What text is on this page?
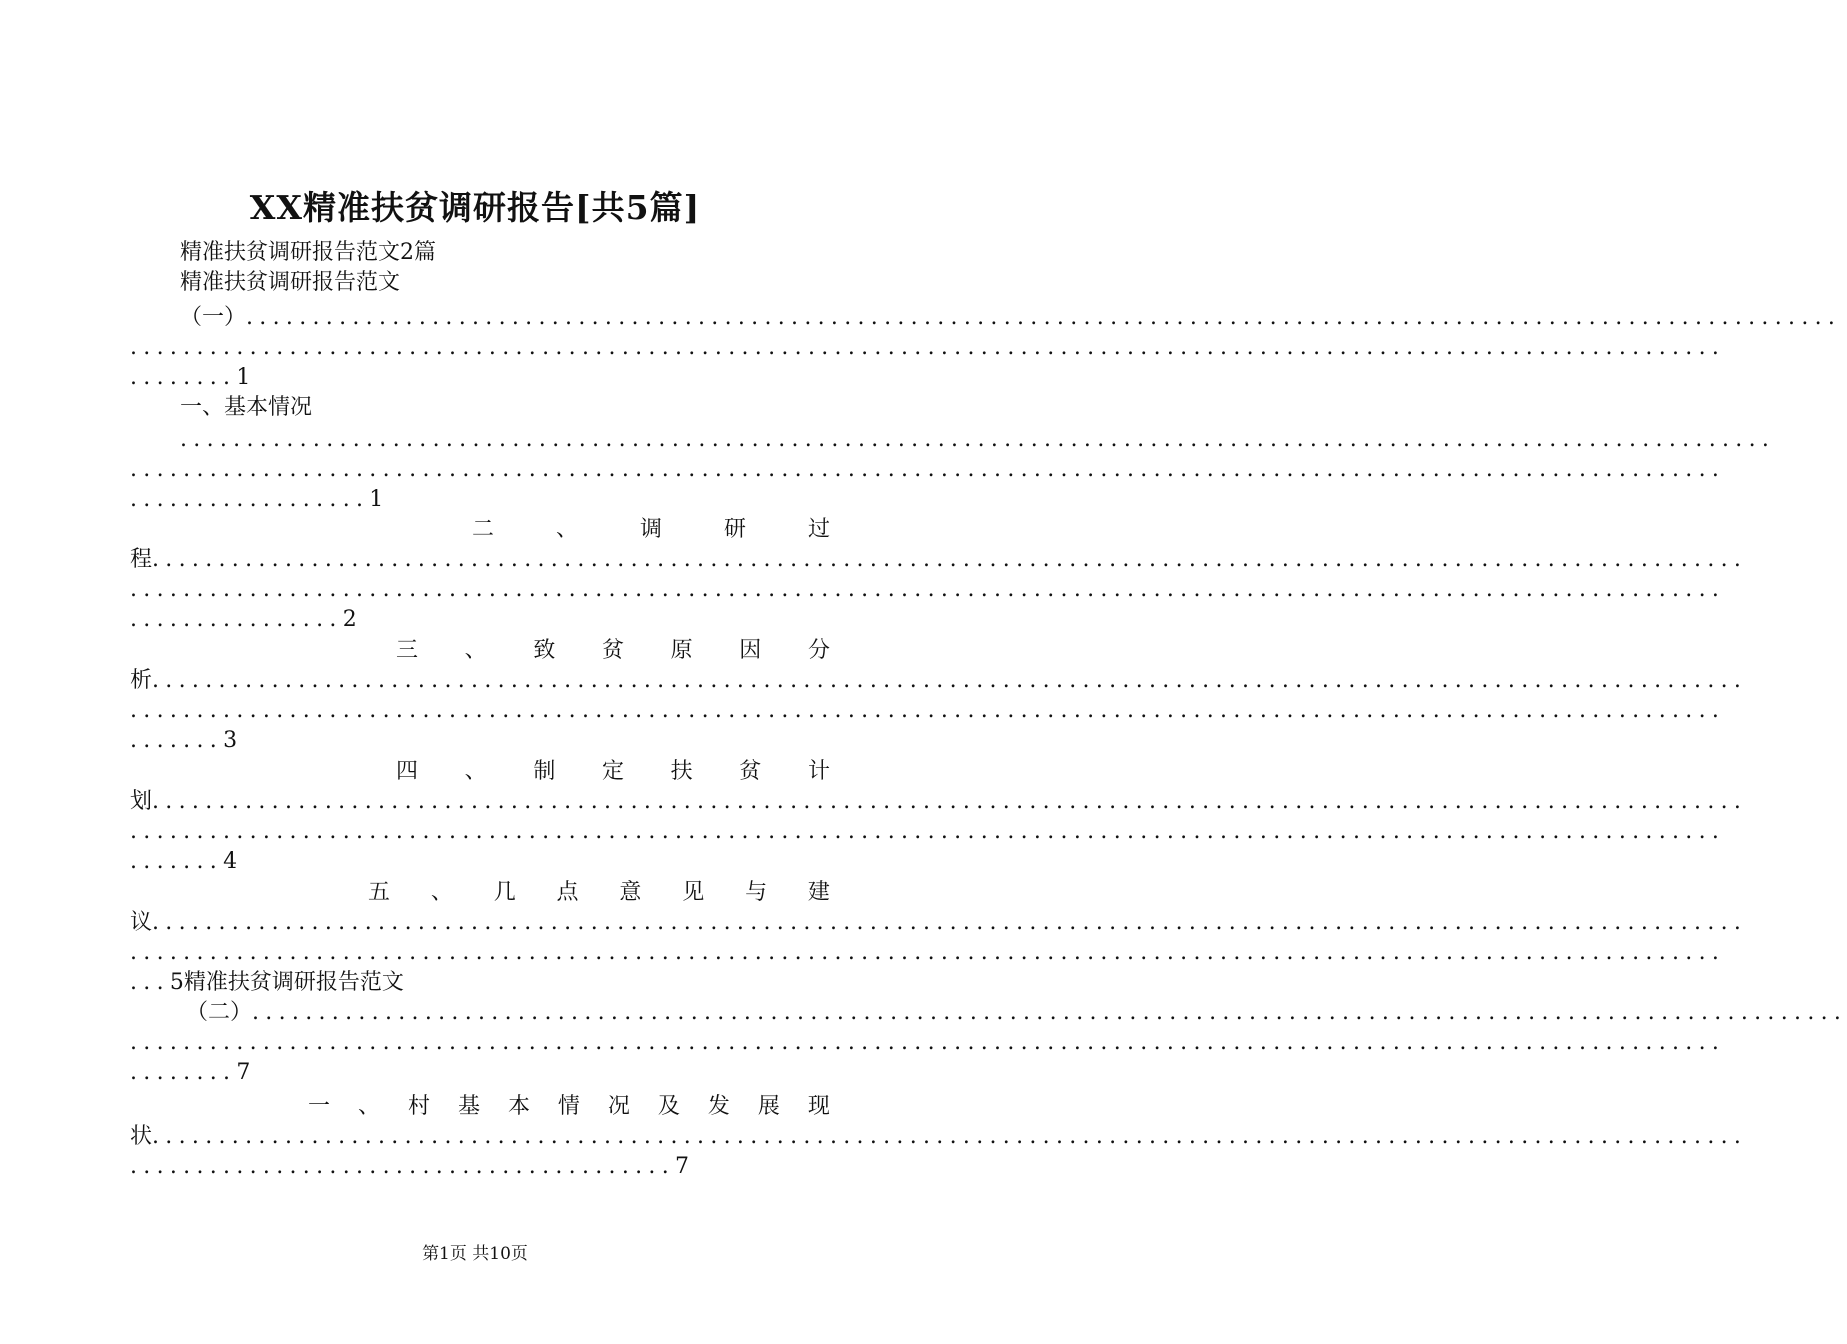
XX精准扶贫调研报告[共5篇]
精准扶贫调研报告范文2篇
精准扶贫调研报告范文
（一）........................................................................................................................
........................................................................................................................
........1
一、基本情况
........................................................................................................................
........................................................................................................................
..................1
二	、	调	研	过
程........................................................................................................................
........................................................................................................................
................2
三 、 致 贫 原 因 分
析........................................................................................................................
........................................................................................................................
.......3
四 、 制 定 扶 贫 计
划........................................................................................................................
........................................................................................................................
.......4
五 、 几 点 意 见 与 建
议........................................................................................................................
........................................................................................................................
...5精准扶贫调研报告范文
（二）........................................................................................................................
........................................................................................................................
........7
一 、 村 基 本 情 况 及 发 展 现
状........................................................................................................................
.........................................7
第1页 共10页
